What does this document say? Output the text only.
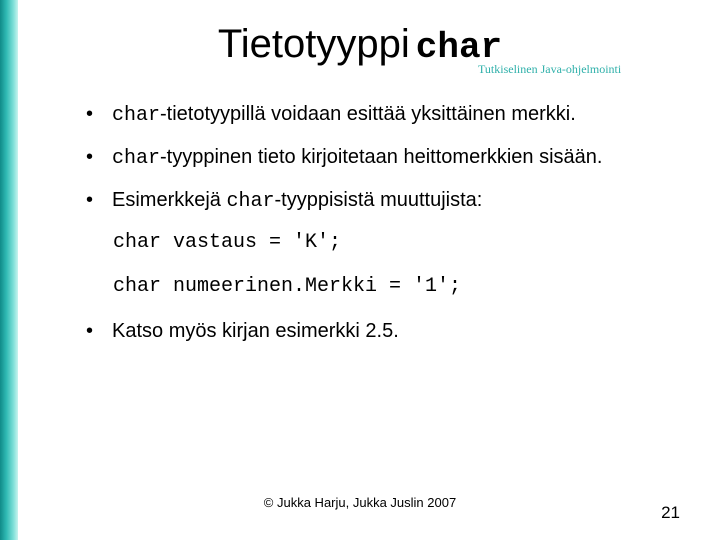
Tietotyyppi char
Tutkiselinen Java-ohjelmointi
• char-tietotyypillä voidaan esittää yksittäinen merkki.
• char-tyyppinen tieto kirjoitetaan heittomerkkien sisään.
• Esimerkkejä char-tyyppisistä muuttujista:
char vastaus = 'K';
char numeerinen.Merkki = '1';
• Katso myös kirjan esimerkki 2.5.
© Jukka Harju, Jukka Juslin 2007
21
